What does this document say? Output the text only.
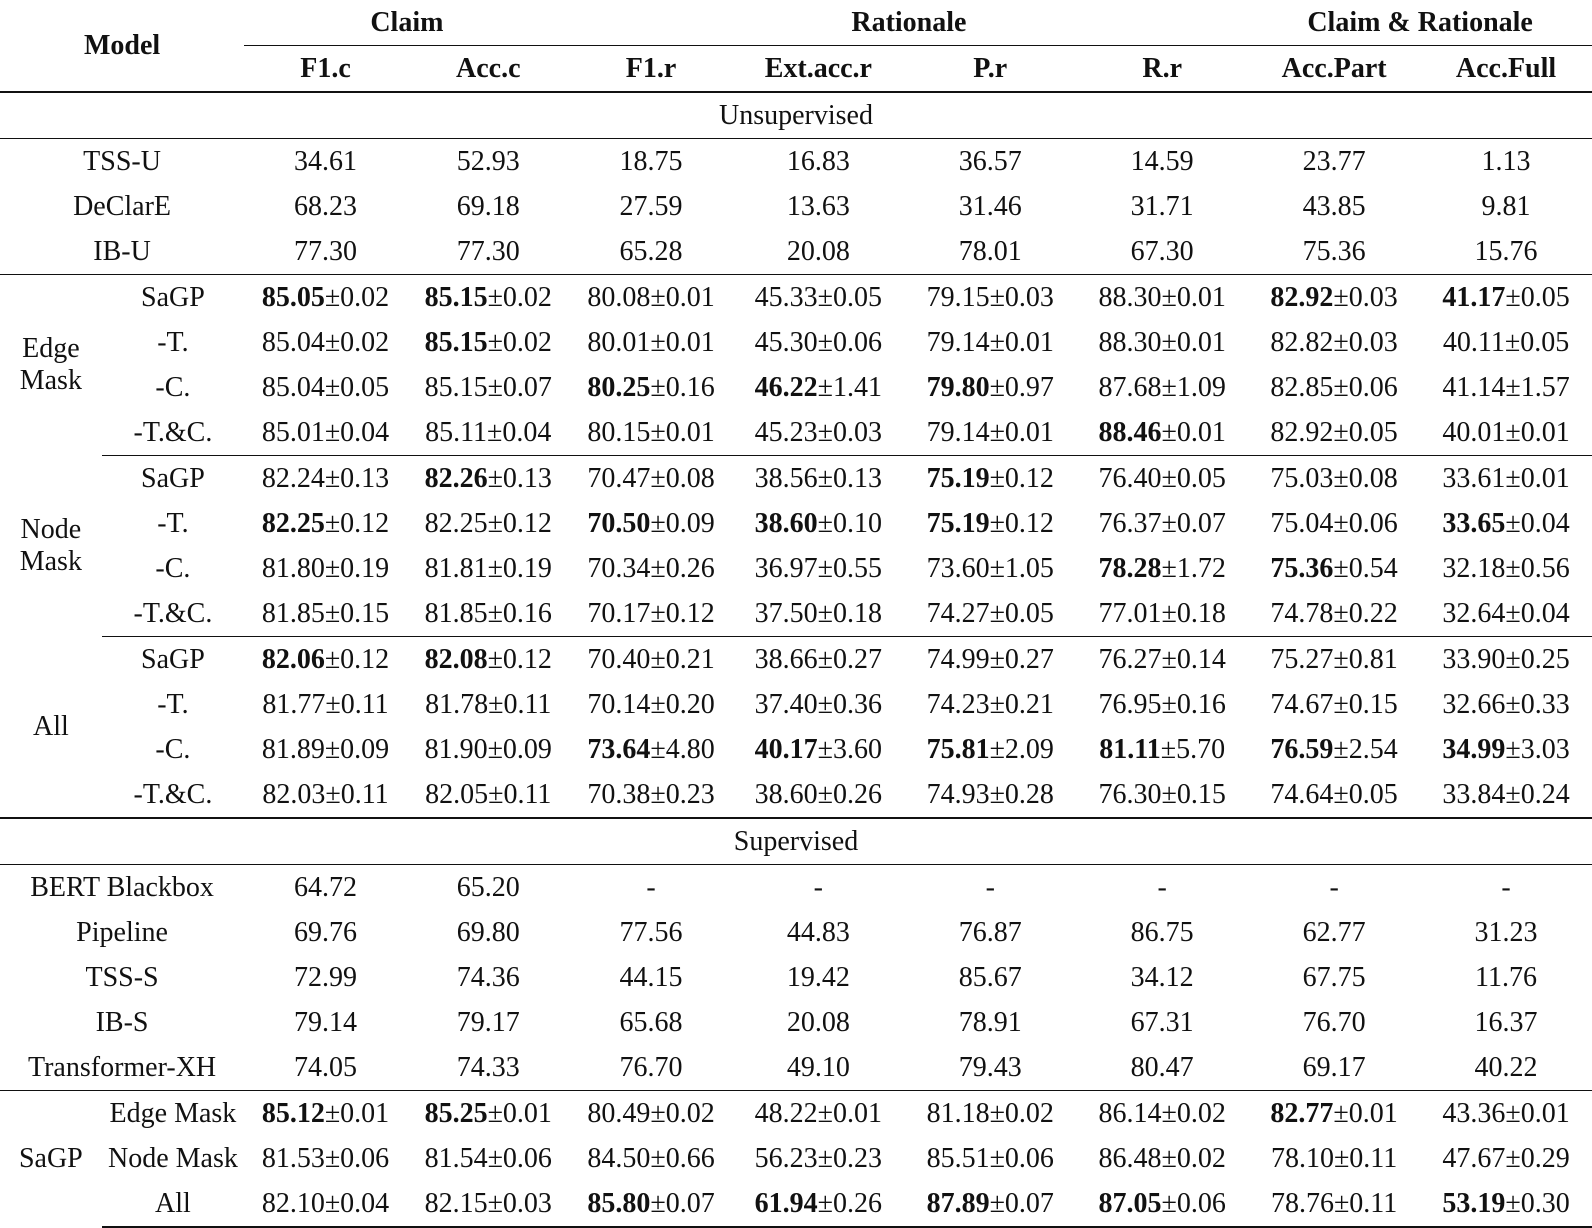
Model		Claim		Rationale				Claim & Rationale	
		F1.c	Acc.c	F1.r	Ext.acc.r	P.r	R.r	Acc.Part	Acc.Full
Unsupervised									
TSS-U		34.61	52.93	18.75	16.83	36.57	14.59	23.77	1.13
DeClarE		68.23	69.18	27.59	13.63	31.46	31.71	43.85	9.81
IB-U		77.30	77.30	65.28	20.08	78.01	67.30	75.36	15.76

Edge
Mask	SaGP	85.05±0.02	85.15±0.02	80.08±0.01	45.33±0.05	79.15±0.03	88.30±0.01	82.92±0.03	41.17±0.05
	-T.	85.04±0.02	85.15±0.02	80.01±0.01	45.30±0.06	79.14±0.01	88.30±0.01	82.82±0.03	40.11±0.05
	-C.	85.04±0.05	85.15±0.07	80.25±0.16	46.22±1.41	79.80±0.97	87.68±1.09	82.85±0.06	41.14±1.57
	-T.&C.	85.01±0.04	85.11±0.04	80.15±0.01	45.23±0.03	79.14±0.01	88.46±0.01	82.92±0.05	40.01±0.01

Node
Mask	SaGP	82.24±0.13	82.26±0.13	70.47±0.08	38.56±0.13	75.19±0.12	76.40±0.05	75.03±0.08	33.61±0.01
	-T.	82.25±0.12	82.25±0.12	70.50±0.09	38.60±0.10	75.19±0.12	76.37±0.07	75.04±0.06	33.65±0.04
	-C.	81.80±0.19	81.81±0.19	70.34±0.26	36.97±0.55	73.60±1.05	78.28±1.72	75.36±0.54	32.18±0.56
	-T.&C.	81.85±0.15	81.85±0.16	70.17±0.12	37.50±0.18	74.27±0.05	77.01±0.18	74.78±0.22	32.64±0.04

All	SaGP	82.06±0.12	82.08±0.12	70.40±0.21	38.66±0.27	74.99±0.27	76.27±0.14	75.27±0.81	33.90±0.25
	-T.	81.77±0.11	81.78±0.11	70.14±0.20	37.40±0.36	74.23±0.21	76.95±0.16	74.67±0.15	32.66±0.33
	-C.	81.89±0.09	81.90±0.09	73.64±4.80	40.17±3.60	75.81±2.09	81.11±5.70	76.59±2.54	34.99±3.03
	-T.&C.	82.03±0.11	82.05±0.11	70.38±0.23	38.60±0.26	74.93±0.28	76.30±0.15	74.64±0.05	33.84±0.24
Supervised									
BERT Blackbox		64.72	65.20	-	-	-	-	-	-
Pipeline		69.76	69.80	77.56	44.83	76.87	86.75	62.77	31.23
TSS-S		72.99	74.36	44.15	19.42	85.67	34.12	67.75	11.76
IB-S		79.14	79.17	65.68	20.08	78.91	67.31	76.70	16.37
Transformer-XH		74.05	74.33	76.70	49.10	79.43	80.47	69.17	40.22

SaGP	Edge Mask	85.12±0.01	85.25±0.01	80.49±0.02	48.22±0.01	81.18±0.02	86.14±0.02	82.77±0.01	43.36±0.01
	Node Mask	81.53±0.06	81.54±0.06	84.50±0.66	56.23±0.23	85.51±0.06	86.48±0.02	78.10±0.11	47.67±0.29
	All	82.10±0.04	82.15±0.03	85.80±0.07	61.94±0.26	87.89±0.07	87.05±0.06	78.76±0.11	53.19±0.30
